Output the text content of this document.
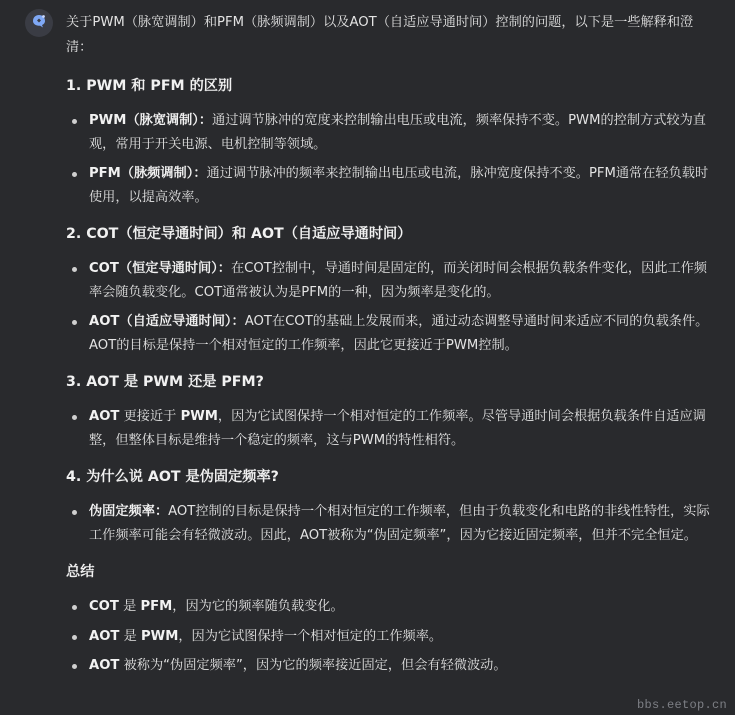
关于PWM（脉宽调制）和PFM（脉频调制）以及AOT（自适应导通时间）控制的问题，以下是一些解释和澄清：

1. PWM 和 PFM 的区别
PWM（脉宽调制）：通过调节脉冲的宽度来控制输出电压或电流，频率保持不变。PWM的控制方式较为直观，常用于开关电源、电机控制等领域。
PFM（脉频调制）：通过调节脉冲的频率来控制输出电压或电流，脉冲宽度保持不变。PFM通常在轻负载时使用，以提高效率。
2. COT（恒定导通时间）和 AOT（自适应导通时间）
COT（恒定导通时间）：在COT控制中，导通时间是固定的，而关闭时间会根据负载条件变化，因此工作频率会随负载变化。COT通常被认为是PFM的一种，因为频率是变化的。
AOT（自适应导通时间）：AOT在COT的基础上发展而来，通过动态调整导通时间来适应不同的负载条件。AOT的目标是保持一个相对恒定的工作频率，因此它更接近于PWM控制。
3. AOT 是 PWM 还是 PFM?
AOT 更接近于 PWM，因为它试图保持一个相对恒定的工作频率。尽管导通时间会根据负载条件自适应调整，但整体目标是维持一个稳定的频率，这与PWM的特性相符。
4. 为什么说 AOT 是伪固定频率?
伪固定频率：AOT控制的目标是保持一个相对恒定的工作频率，但由于负载变化和电路的非线性特性，实际工作频率可能会有轻微波动。因此，AOT被称为“伪固定频率”，因为它接近固定频率，但并不完全恒定。
总结
COT 是 PFM，因为它的频率随负载变化。
AOT 是 PWM，因为它试图保持一个相对恒定的工作频率。
AOT 被称为“伪固定频率”，因为它的频率接近固定，但会有轻微波动。
bbs.eetop.cn
